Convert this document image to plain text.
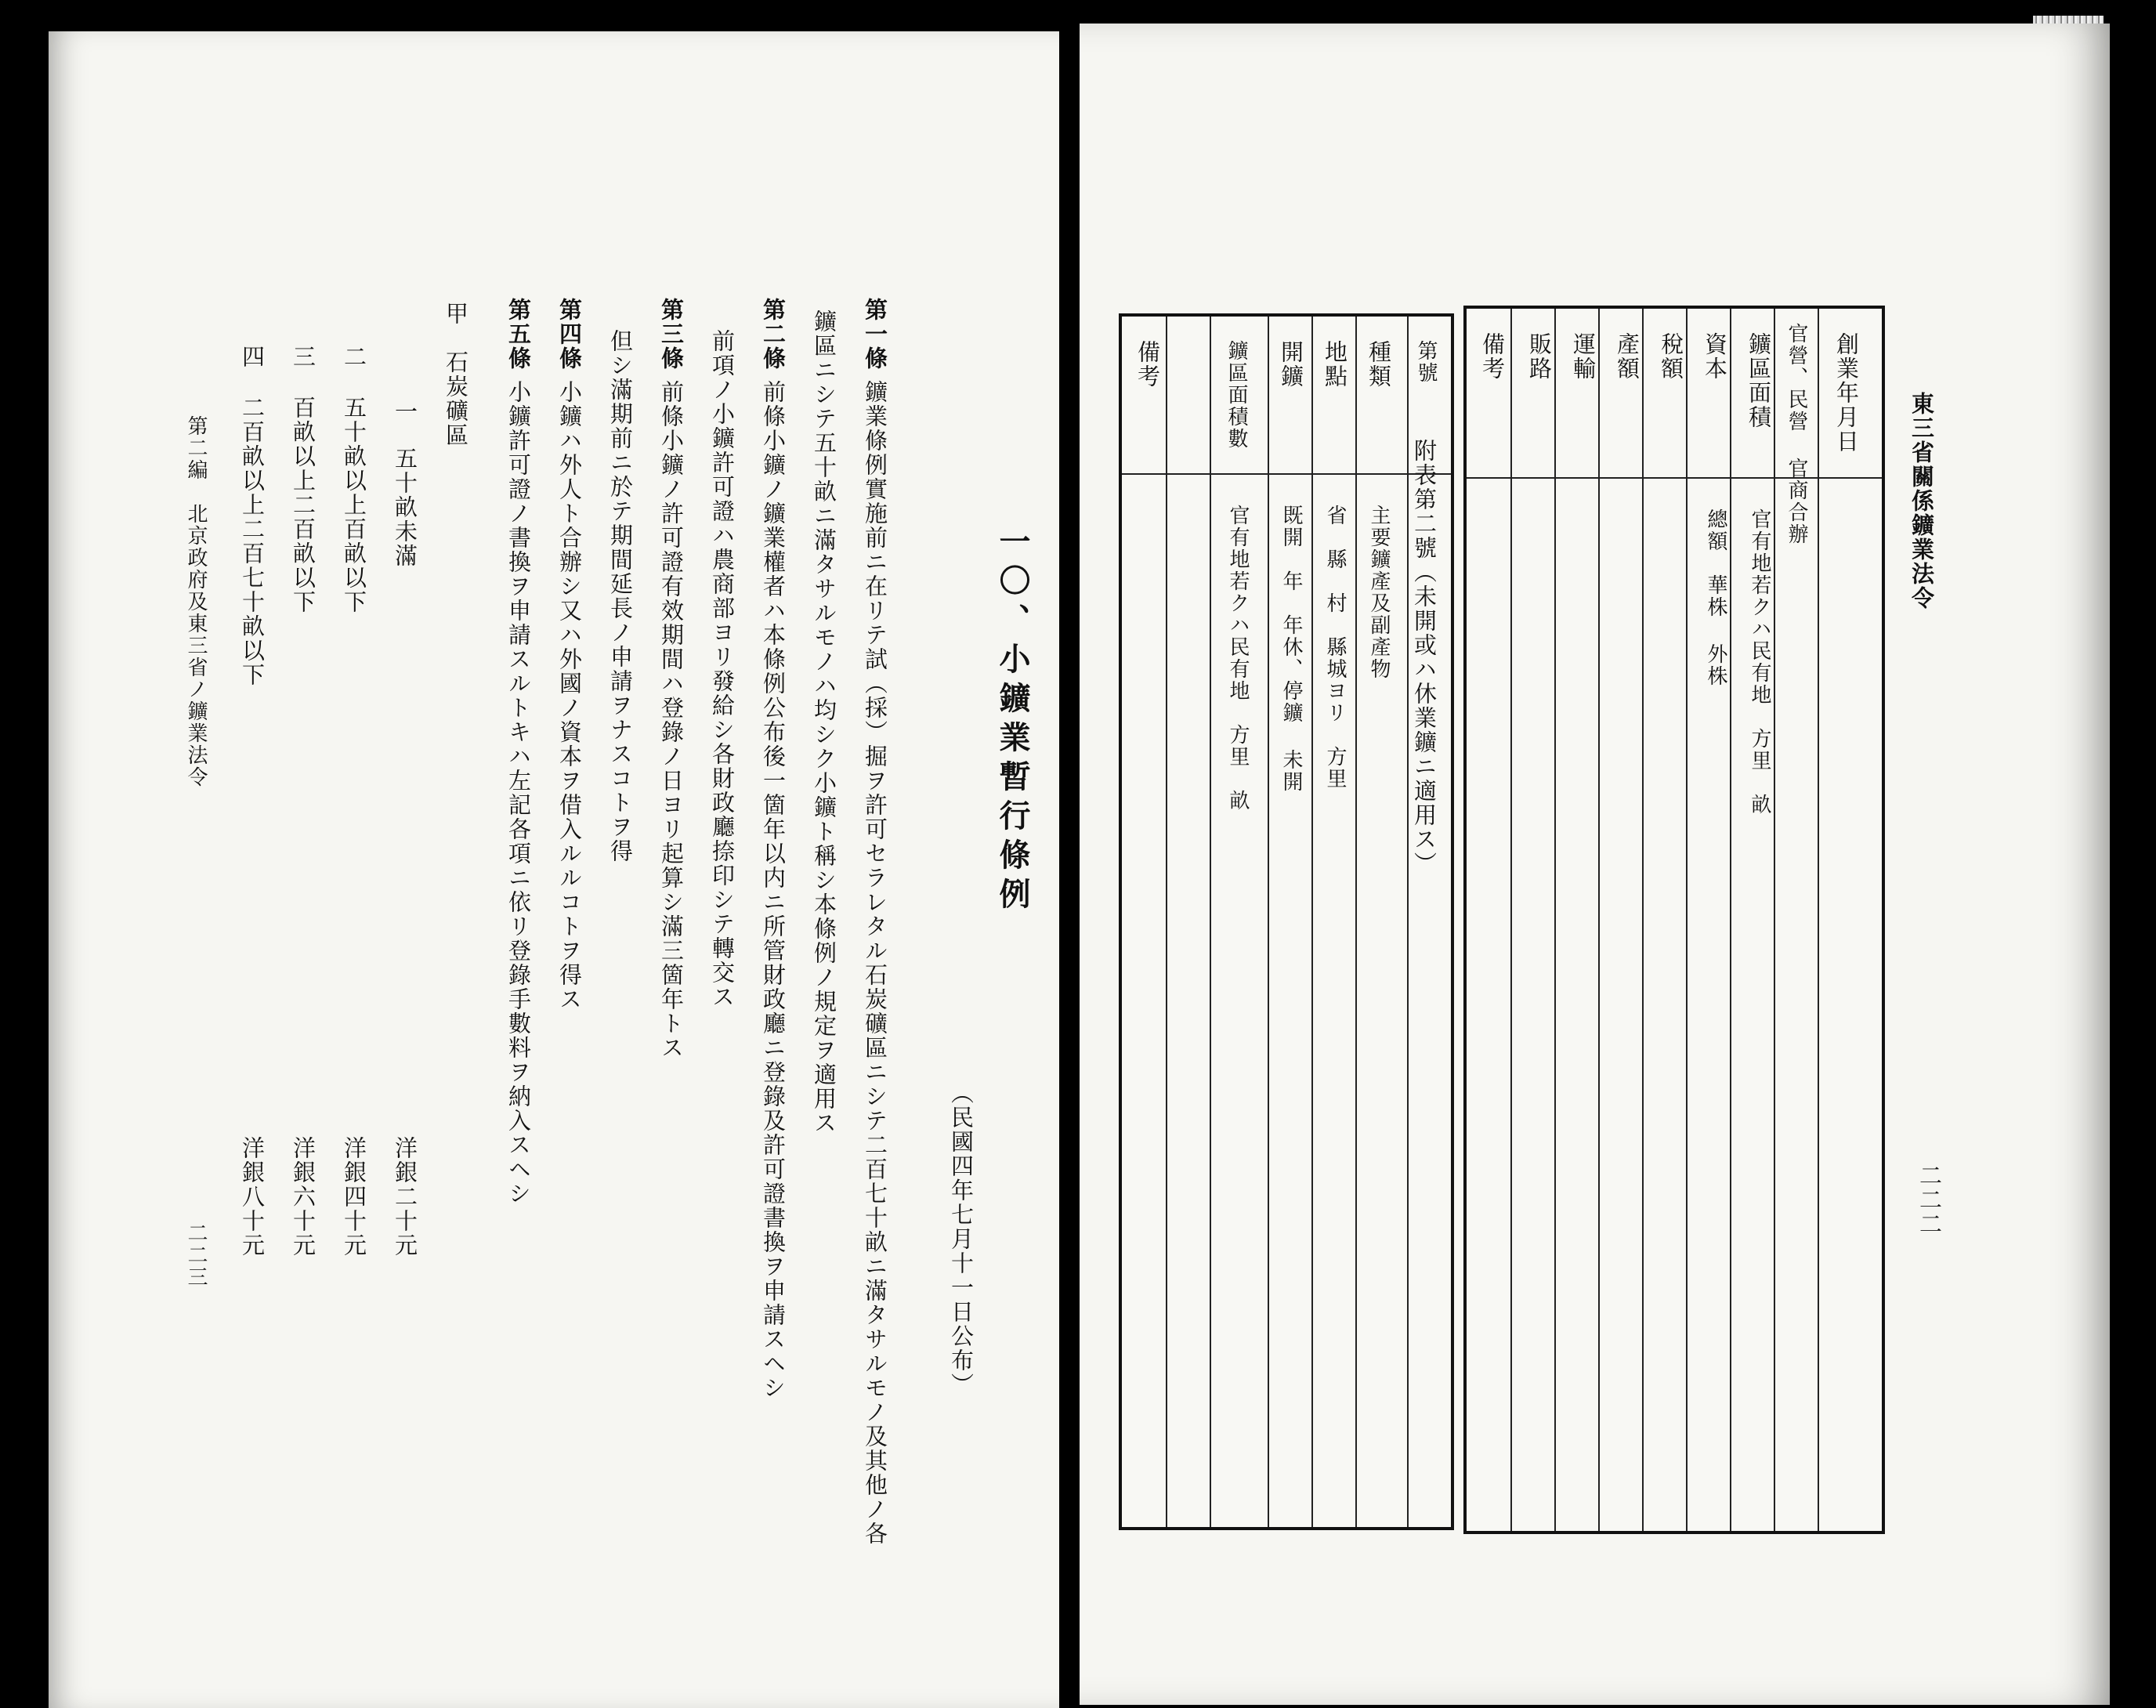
一〇、小鑛業暫行條例
（民國四年七月十一日公布）
第一條
鑛業條例實施前ニ在リテ試（採）掘ヲ許可セラレタル石炭礦區ニシテ二百七十畝ニ滿タサルモノ及其他ノ各
鑛區ニシテ五十畝ニ滿タサルモノハ均シク小鑛ト稱シ本條例ノ規定ヲ適用ス
第二條
前條小鑛ノ鑛業權者ハ本條例公布後一箇年以内ニ所管財政廳ニ登錄及許可證書換ヲ申請スヘシ
前項ノ小鑛許可證ハ農商部ヨリ發給シ各財政廳捺印シテ轉交ス
第三條
前條小鑛ノ許可證有效期間ハ登錄ノ日ヨリ起算シ滿三箇年トス
但シ滿期前ニ於テ期間延長ノ申請ヲナスコトヲ得
第四條
小鑛ハ外人ト合辦シ又ハ外國ノ資本ヲ借入ルルコトヲ得ス
第五條
小鑛許可證ノ書換ヲ申請スルトキハ左記各項ニ依リ登錄手數料ヲ納入スヘシ
甲　石炭礦區
一
五十畝未滿
洋銀二十元
二
五十畝以上百畝以下
洋銀四十元
三
百畝以上二百畝以下
洋銀六十元
四
二百畝以上二百七十畝以下
洋銀八十元
第二編　北京政府及東三省ノ鑛業法令
二二三
東三省關係鑛業法令
二二二
創業年月日
官營、民營 官商合辦
鑛區面積
資本
稅額
產額
運輸
販路
備考
官有地若クハ民有地　方里　畝
總額　華株 外株
第號
種類
地點
開鑛
鑛區面積數
備考
主要鑛產及副產物
省　縣　村　縣城ヨリ　方里
既開　年　年休、停鑛 未開
官有地若クハ民有地　方里　畝	附表第二號（未開或ハ休業鑛ニ適用ス）
